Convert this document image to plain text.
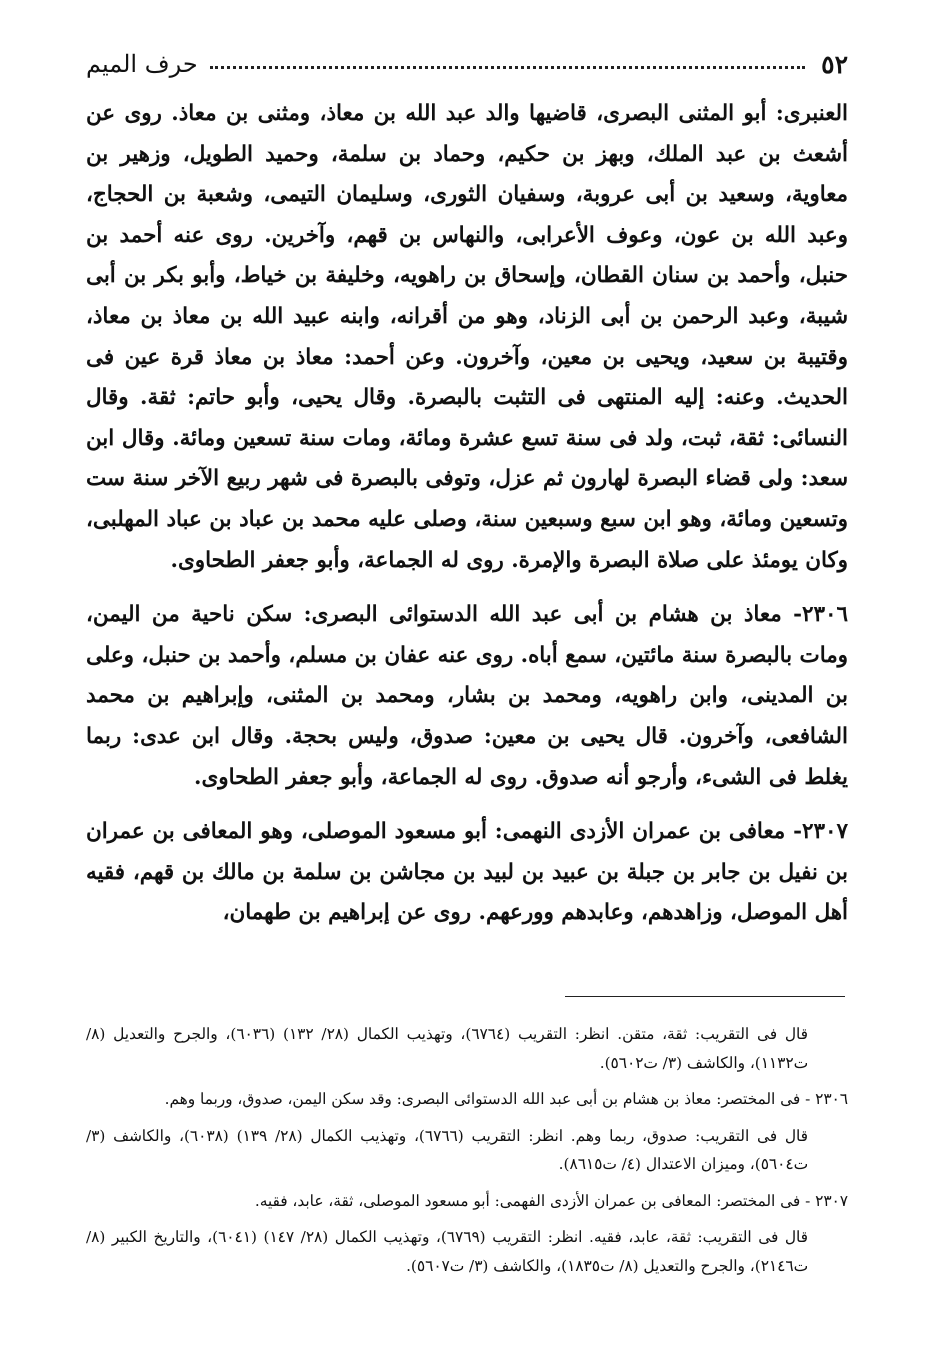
٥٢
حرف الميم

العنبرى: أبو المثنى البصرى، قاضيها والد عبد الله بن معاذ، ومثنى بن معاذ. روى عن أشعث بن عبد الملك، وبهز بن حكيم، وحماد بن سلمة، وحميد الطويل، وزهير بن معاوية، وسعيد بن أبى عروبة، وسفيان الثورى، وسليمان التيمى، وشعبة بن الحجاج، وعبد الله بن عون، وعوف الأعرابى، والنهاس بن قهم، وآخرين. روى عنه أحمد بن حنبل، وأحمد بن سنان القطان، وإسحاق بن راهويه، وخليفة بن خياط، وأبو بكر بن أبى شيبة، وعبد الرحمن بن أبى الزناد، وهو من أقرانه، وابنه عبيد الله بن معاذ بن معاذ، وقتيبة بن سعيد، ويحيى بن معين، وآخرون. وعن أحمد: معاذ بن معاذ قرة عين فى الحديث. وعنه: إليه المنتهى فى التثبت بالبصرة. وقال يحيى، وأبو حاتم: ثقة. وقال النسائى: ثقة، ثبت، ولد فى سنة تسع عشرة ومائة، ومات سنة تسعين ومائة. وقال ابن سعد: ولى قضاء البصرة لهارون ثم عزل، وتوفى بالبصرة فى شهر ربيع الآخر سنة ست وتسعين ومائة، وهو ابن سبع وسبعين سنة، وصلى عليه محمد بن عباد بن عباد المهلبى، وكان يومئذ على صلاة البصرة والإمرة. روى له الجماعة، وأبو جعفر الطحاوى.

٢٣٠٦- معاذ بن هشام بن أبى عبد الله الدستوائى البصرى: سكن ناحية من اليمن، ومات بالبصرة سنة مائتين، سمع أباه. روى عنه عفان بن مسلم، وأحمد بن حنبل، وعلى بن المدينى، وابن راهويه، ومحمد بن بشار، ومحمد بن المثنى، وإبراهيم بن محمد الشافعى، وآخرون. قال يحيى بن معين: صدوق، وليس بحجة. وقال ابن عدى: ربما يغلط فى الشىء، وأرجو أنه صدوق. روى له الجماعة، وأبو جعفر الطحاوى.

٢٣٠٧- معافى بن عمران الأزدى النهمى: أبو مسعود الموصلى، وهو المعافى بن عمران بن نفيل بن جابر بن جبلة بن عبيد بن لبيد بن مجاشن بن سلمة بن مالك بن قهم، فقيه أهل الموصل، وزاهدهم، وعابدهم وورعهم. روى عن إبراهيم بن طهمان،

قال فى التقريب: ثقة، متقن. انظر: التقريب (٦٧٦٤)، وتهذيب الكمال (٢٨/ ١٣٢) (٦٠٣٦)، والجرح والتعديل (٨/ ت١١٣٢)، والكاشف (٣/ ت٥٦٠٢).

٢٣٠٦ - فى المختصر: معاذ بن هشام بن أبى عبد الله الدستوائى البصرى: وقد سكن اليمن، صدوق، وربما وهم.

قال فى التقريب: صدوق، ربما وهم. انظر: التقريب (٦٧٦٦)، وتهذيب الكمال (٢٨/ ١٣٩) (٦٠٣٨)، والكاشف (٣/ ت٥٦٠٤)، وميزان الاعتدال (٤/ ت٨٦١٥).

٢٣٠٧ - فى المختصر: المعافى بن عمران الأزدى الفهمى: أبو مسعود الموصلى، ثقة، عابد، فقيه.

قال فى التقريب: ثقة، عابد، فقيه. انظر: التقريب (٦٧٦٩)، وتهذيب الكمال (٢٨/ ١٤٧) (٦٠٤١)، والتاريخ الكبير (٨/ ت٢١٤٦)، والجرح والتعديل (٨/ ت١٨٣٥)، والكاشف (٣/ ت٥٦٠٧).
